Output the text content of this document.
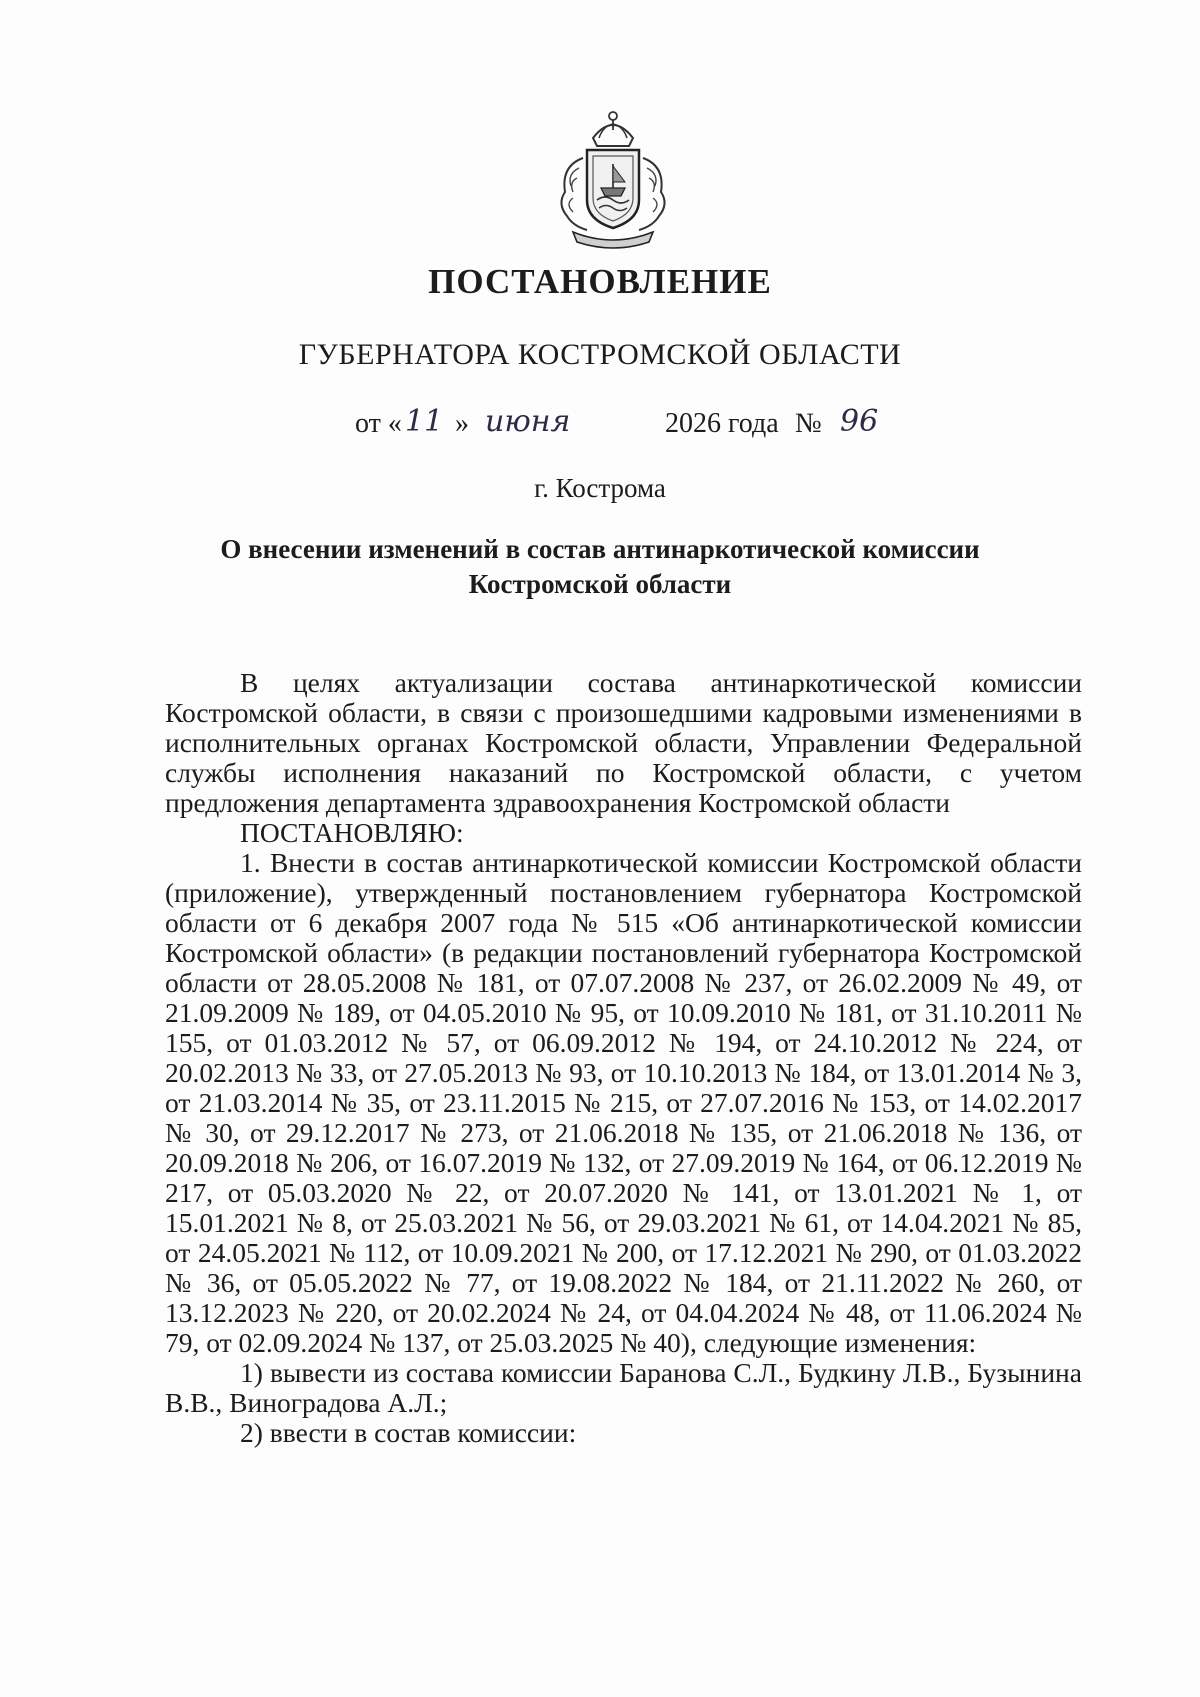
ПОСТАНОВЛЕНИЕ
ГУБЕРНАТОРА КОСТРОМСКОЙ ОБЛАСТИ
от « 11 » июня	2026 года № 96
г. Кострома
О внесении изменений в состав антинаркотической комиссии
Костромской области

В целях актуализации состава антинаркотической комиссии Костромской области, в связи с произошедшими кадровыми изменениями в исполнительных органах Костромской области, Управлении Федеральной службы исполнения наказаний по Костромской области, с учетом предложения департамента здравоохранения Костромской области

ПОСТАНОВЛЯЮ:

1. Внести в состав антинаркотической комиссии Костромской области (приложение), утвержденный постановлением губернатора Костромской области от 6 декабря 2007 года № 515 «Об антинаркотической комиссии Костромской области» (в редакции постановлений губернатора Костромской области от 28.05.2008 № 181, от 07.07.2008 № 237, от 26.02.2009 № 49, от 21.09.2009 № 189, от 04.05.2010 № 95, от 10.09.2010 № 181, от 31.10.2011 № 155, от 01.03.2012 № 57, от 06.09.2012 № 194, от 24.10.2012 № 224, от 20.02.2013 № 33, от 27.05.2013 № 93, от 10.10.2013 № 184, от 13.01.2014 № 3, от 21.03.2014 № 35, от 23.11.2015 № 215, от 27.07.2016 № 153, от 14.02.2017 № 30, от 29.12.2017 № 273, от 21.06.2018 № 135, от 21.06.2018 № 136, от 20.09.2018 № 206, от 16.07.2019 № 132, от 27.09.2019 № 164, от 06.12.2019 № 217, от 05.03.2020 № 22, от 20.07.2020 № 141, от 13.01.2021 № 1, от 15.01.2021 № 8, от 25.03.2021 № 56, от 29.03.2021 № 61, от 14.04.2021 № 85, от 24.05.2021 № 112, от 10.09.2021 № 200, от 17.12.2021 № 290, от 01.03.2022 № 36, от 05.05.2022 № 77, от 19.08.2022 № 184, от 21.11.2022 № 260, от 13.12.2023 № 220, от 20.02.2024 № 24, от 04.04.2024 № 48, от 11.06.2024 № 79, от 02.09.2024 № 137, от 25.03.2025 № 40), следующие изменения:

1) вывести из состава комиссии Баранова С.Л., Будкину Л.В., Бузынина В.В., Виноградова А.Л.;

2) ввести в состав комиссии:
